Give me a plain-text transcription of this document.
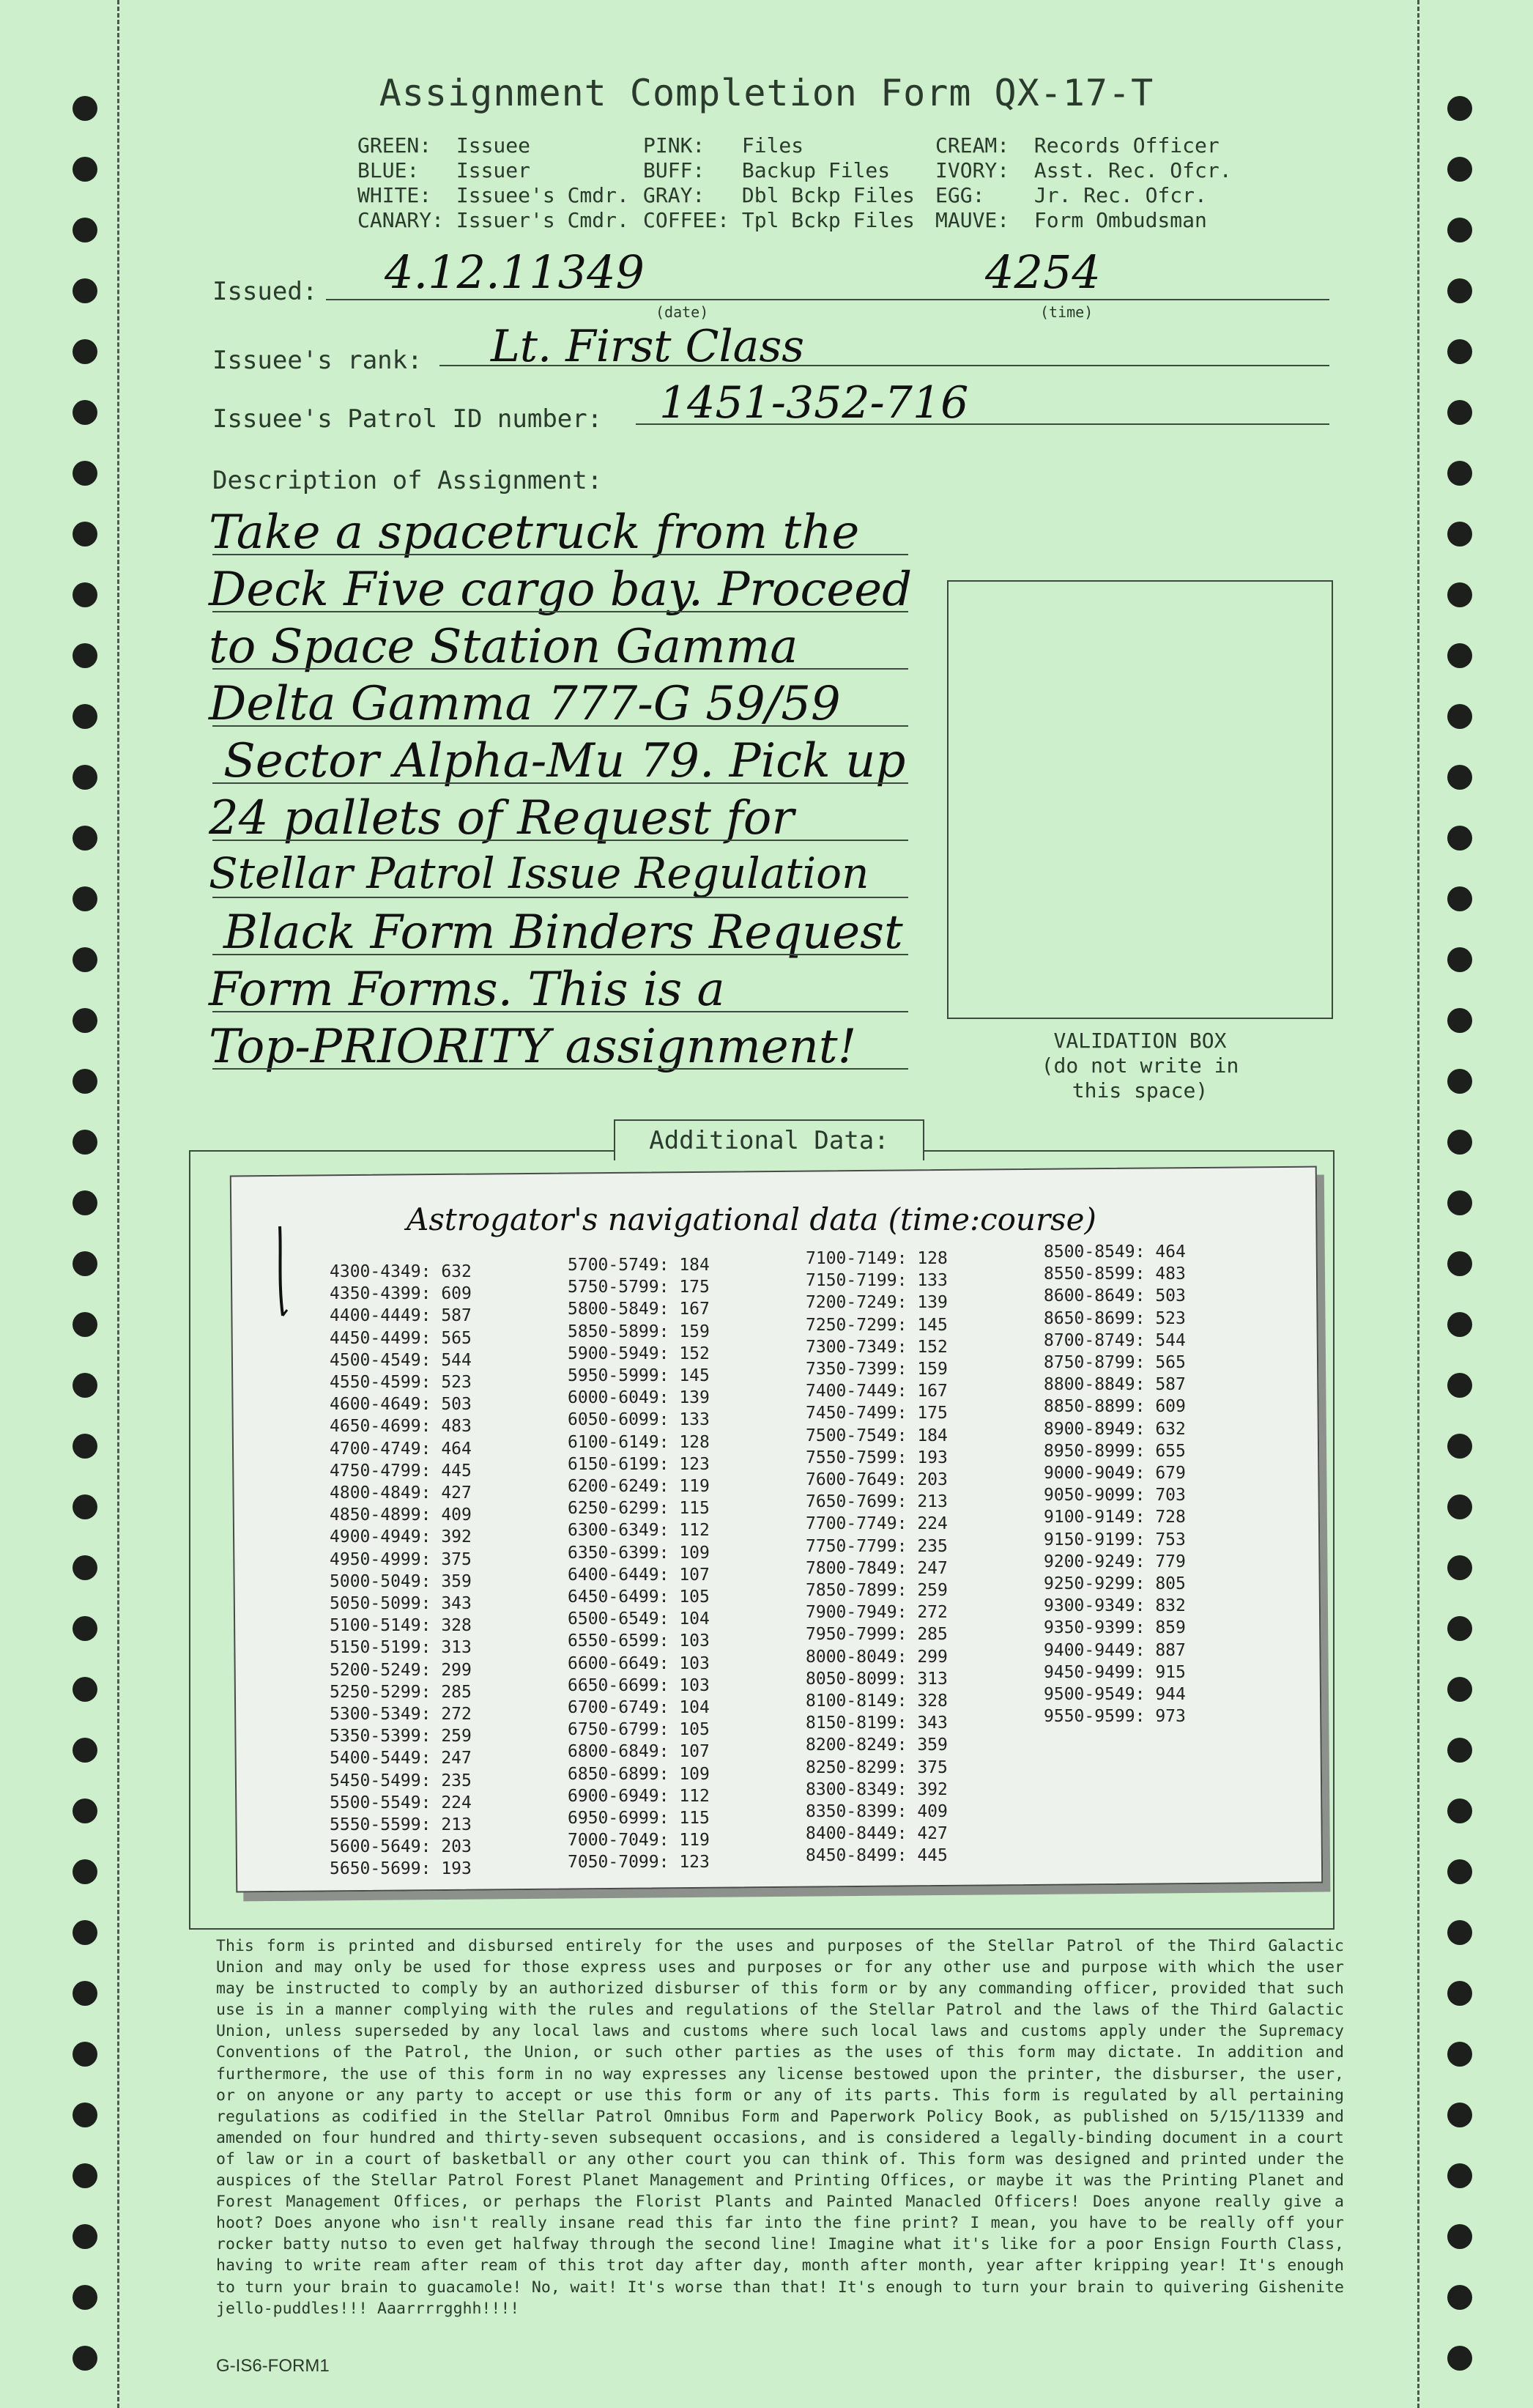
Assignment Completion Form QX-17-T
GREEN:  Issuee
BLUE:   Issuer
WHITE:  Issuee's Cmdr.
CANARY: Issuer's Cmdr.
PINK:   Files
BUFF:   Backup Files
GRAY:   Dbl Bckp Files
COFFEE: Tpl Bckp Files
CREAM:  Records Officer
IVORY:  Asst. Rec. Ofcr.
EGG:    Jr. Rec. Ofcr.
MAUVE:  Form Ombudsman
Issued: 4.12.11349	4254
(date)	(time)
Issuee's rank: Lt. First Class
Issuee's Patrol ID number: 1451-352-716
Description of Assignment:
Take a spacetruck from the
Deck Five cargo bay. Proceed
to Space Station Gamma
Delta Gamma 777-G 59/59
Sector Alpha-Mu 79. Pick up
24 pallets of Request for
Stellar Patrol Issue Regulation
Black Form Binders Request
Form Forms. This is a
Top-PRIORITY assignment!	VALIDATION BOX
(do not write in
this space)
Additional Data:
Astrogator's navigational data (time:course)
4300-4349: 632
4350-4399: 609
4400-4449: 587
4450-4499: 565
4500-4549: 544
4550-4599: 523
4600-4649: 503
4650-4699: 483
4700-4749: 464
4750-4799: 445
4800-4849: 427
4850-4899: 409
4900-4949: 392
4950-4999: 375
5000-5049: 359
5050-5099: 343
5100-5149: 328
5150-5199: 313
5200-5249: 299
5250-5299: 285
5300-5349: 272
5350-5399: 259
5400-5449: 247
5450-5499: 235
5500-5549: 224
5550-5599: 213
5600-5649: 203
5650-5699: 193
5700-5749: 184
5750-5799: 175
5800-5849: 167
5850-5899: 159
5900-5949: 152
5950-5999: 145
6000-6049: 139
6050-6099: 133
6100-6149: 128
6150-6199: 123
6200-6249: 119
6250-6299: 115
6300-6349: 112
6350-6399: 109
6400-6449: 107
6450-6499: 105
6500-6549: 104
6550-6599: 103
6600-6649: 103
6650-6699: 103
6700-6749: 104
6750-6799: 105
6800-6849: 107
6850-6899: 109
6900-6949: 112
6950-6999: 115
7000-7049: 119
7050-7099: 123
7100-7149: 128
7150-7199: 133
7200-7249: 139
7250-7299: 145
7300-7349: 152
7350-7399: 159
7400-7449: 167
7450-7499: 175
7500-7549: 184
7550-7599: 193
7600-7649: 203
7650-7699: 213
7700-7749: 224
7750-7799: 235
7800-7849: 247
7850-7899: 259
7900-7949: 272
7950-7999: 285
8000-8049: 299
8050-8099: 313
8100-8149: 328
8150-8199: 343
8200-8249: 359
8250-8299: 375
8300-8349: 392
8350-8399: 409
8400-8449: 427
8450-8499: 445
8500-8549: 464
8550-8599: 483
8600-8649: 503
8650-8699: 523
8700-8749: 544
8750-8799: 565
8800-8849: 587
8850-8899: 609
8900-8949: 632
8950-8999: 655
9000-9049: 679
9050-9099: 703
9100-9149: 728
9150-9199: 753
9200-9249: 779
9250-9299: 805
9300-9349: 832
9350-9399: 859
9400-9449: 887
9450-9499: 915
9500-9549: 944
9550-9599: 973
This form is printed and disbursed entirely for the uses and purposes of the Stellar Patrol of the Third Galactic Union and may only be used for those express uses and purposes or for any other use and purpose with which the user may be instructed to comply by an authorized disburser of this form or by any commanding officer, provided that such use is in a manner complying with the rules and regulations of the Stellar Patrol and the laws of the Third Galactic Union, unless superseded by any local laws and customs where such local laws and customs apply under the Supremacy Conventions of the Patrol, the Union, or such other parties as the uses of this form may dictate. In addition and furthermore, the use of this form in no way expresses any license bestowed upon the printer, the disburser, the user, or on anyone or any party to accept or use this form or any of its parts. This form is regulated by all pertaining regulations as codified in the Stellar Patrol Omnibus Form and Paperwork Policy Book, as published on 5/15/11339 and amended on four hundred and thirty-seven subsequent occasions, and is considered a legally-binding document in a court of law or in a court of basketball or any other court you can think of. This form was designed and printed under the auspices of the Stellar Patrol Forest Planet Management and Printing Offices, or maybe it was the Printing Planet and Forest Management Offices, or perhaps the Florist Plants and Painted Manacled Officers! Does anyone really give a hoot? Does anyone who isn't really insane read this far into the fine print? I mean, you have to be really off your rocker batty nutso to even get halfway through the second line! Imagine what it's like for a poor Ensign Fourth Class, having to write ream after ream of this trot day after day, month after month, year after kripping year! It's enough to turn your brain to guacamole! No, wait! It's worse than that! It's enough to turn your brain to quivering Gishenite jello-puddles!!! Aaarrrrgghh!!!!
G-IS6-FORM1
